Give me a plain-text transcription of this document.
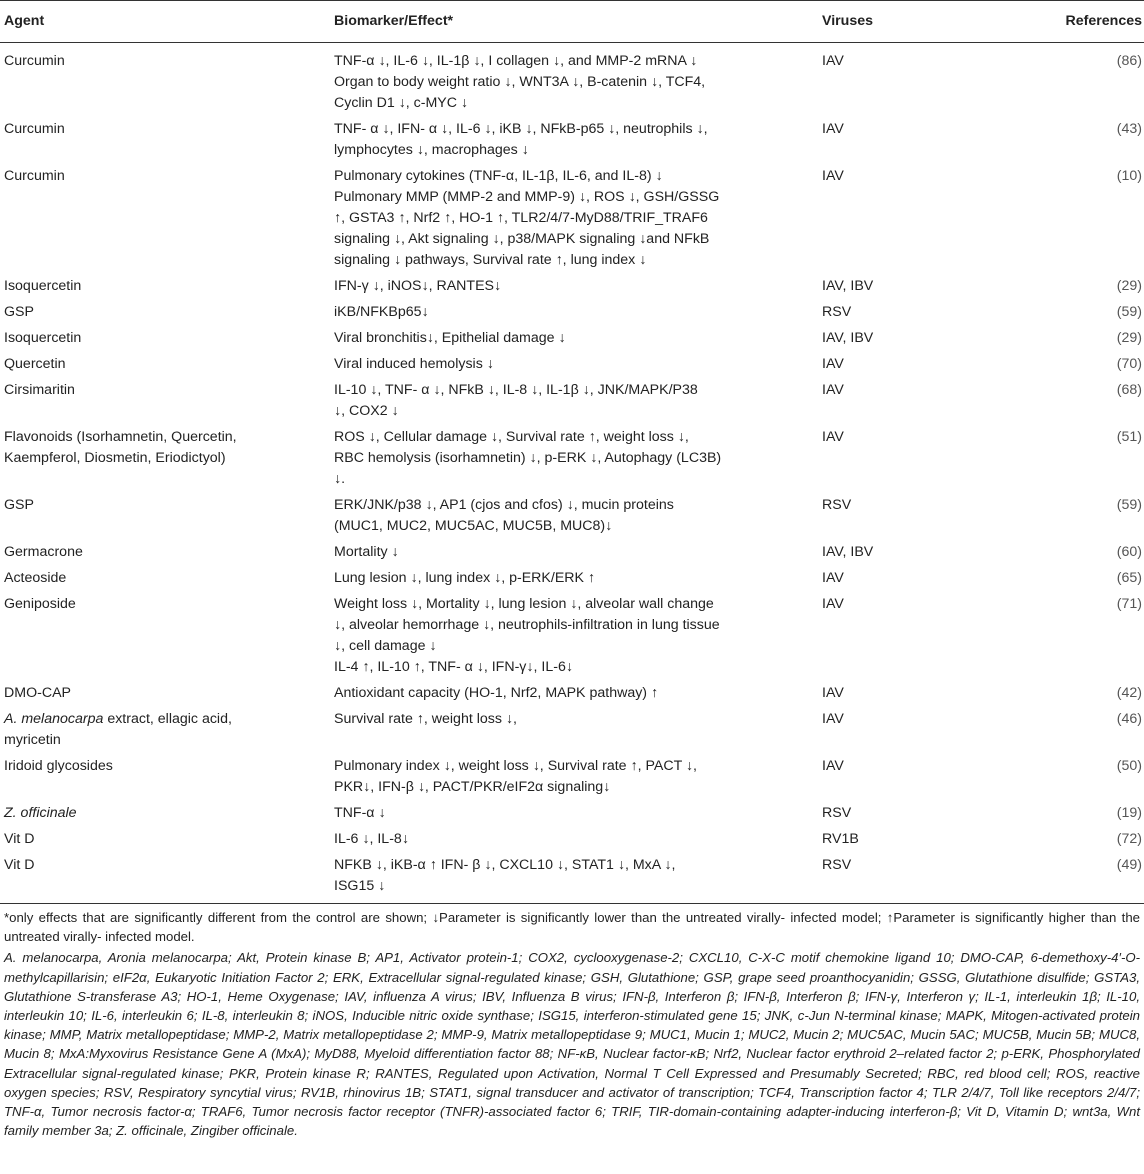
Agent	Biomarker/Effect*	Viruses	References
Curcumin	TNF-α ↓, IL-6 ↓, IL-1β ↓, I collagen ↓, and MMP-2 mRNA ↓
Organ to body weight ratio ↓, WNT3A ↓, B-catenin ↓, TCF4,
Cyclin D1 ↓, c-MYC ↓	IAV	(86)
Curcumin	TNF- α ↓, IFN- α ↓, IL-6 ↓, iKB ↓, NFkB-p65 ↓, neutrophils ↓,
lymphocytes ↓, macrophages ↓	IAV	(43)
Curcumin	Pulmonary cytokines (TNF-α, IL-1β, IL-6, and IL-8) ↓
Pulmonary MMP (MMP-2 and MMP-9) ↓, ROS ↓, GSH/GSSG
↑, GSTA3 ↑, Nrf2 ↑, HO-1 ↑, TLR2/4/7-MyD88/TRIF_TRAF6
signaling ↓, Akt signaling ↓, p38/MAPK signaling ↓and NFkB
signaling ↓ pathways, Survival rate ↑, lung index ↓	IAV	(10)
Isoquercetin	IFN-γ ↓, iNOS↓, RANTES↓	IAV, IBV	(29)
GSP	iKB/NFKBp65↓	RSV	(59)
Isoquercetin	Viral bronchitis↓, Epithelial damage ↓	IAV, IBV	(29)
Quercetin	Viral induced hemolysis ↓	IAV	(70)
Cirsimaritin	IL-10 ↓, TNF- α ↓, NFkB ↓, IL-8 ↓, IL-1β ↓, JNK/MAPK/P38
↓, COX2 ↓	IAV	(68)
Flavonoids (Isorhamnetin, Quercetin,
Kaempferol, Diosmetin, Eriodictyol)	ROS ↓, Cellular damage ↓, Survival rate ↑, weight loss ↓,
RBC hemolysis (isorhamnetin) ↓, p-ERK ↓, Autophagy (LC3B)
↓.	IAV	(51)
GSP	ERK/JNK/p38 ↓, AP1 (cjos and cfos) ↓, mucin proteins
(MUC1, MUC2, MUC5AC, MUC5B, MUC8)↓	RSV	(59)
Germacrone	Mortality ↓	IAV, IBV	(60)
Acteoside	Lung lesion ↓, lung index ↓, p-ERK/ERK ↑	IAV	(65)
Geniposide	Weight loss ↓, Mortality ↓, lung lesion ↓, alveolar wall change
↓, alveolar hemorrhage ↓, neutrophils-infiltration in lung tissue
↓, cell damage ↓
IL-4 ↑, IL-10 ↑, TNF- α ↓, IFN-γ↓, IL-6↓	IAV	(71)
DMO-CAP	Antioxidant capacity (HO-1, Nrf2, MAPK pathway) ↑	IAV	(42)
A. melanocarpa extract, ellagic acid,
myricetin	Survival rate ↑, weight loss ↓,	IAV	(46)
Iridoid glycosides	Pulmonary index ↓, weight loss ↓, Survival rate ↑, PACT ↓,
PKR↓, IFN-β ↓, PACT/PKR/eIF2α signaling↓	IAV	(50)
Z. officinale	TNF-α ↓	RSV	(19)
Vit D	IL-6 ↓, IL-8↓	RV1B	(72)
Vit D	NFKB ↓, iKB-α ↑ IFN- β ↓, CXCL10 ↓, STAT1 ↓, MxA ↓,
ISG15 ↓	RSV	(49)

*only effects that are significantly different from the control are shown; ↓Parameter is significantly lower than the untreated virally- infected model; ↑Parameter is significantly higher than the untreated virally- infected model.

A. melanocarpa, Aronia melanocarpa; Akt, Protein kinase B; AP1, Activator protein-1; COX2, cyclooxygenase-2; CXCL10, C-X-C motif chemokine ligand 10; DMO-CAP, 6-demethoxy-4′-O-methylcapillarisin; eIF2α, Eukaryotic Initiation Factor 2; ERK, Extracellular signal-regulated kinase; GSH, Glutathione; GSP, grape seed proanthocyanidin; GSSG, Glutathione disulfide; GSTA3, Glutathione S-transferase A3; HO-1, Heme Oxygenase; IAV, influenza A virus; IBV, Influenza B virus; IFN-β, Interferon β; IFN-β, Interferon β; IFN-γ, Interferon γ; IL-1, interleukin 1β; IL-10, interleukin 10; IL-6, interleukin 6; IL-8, interleukin 8; iNOS, Inducible nitric oxide synthase; ISG15, interferon-stimulated gene 15; JNK, c-Jun N-terminal kinase; MAPK, Mitogen-activated protein kinase; MMP, Matrix metallopeptidase; MMP-2, Matrix metallopeptidase 2; MMP-9, Matrix metallopeptidase 9; MUC1, Mucin 1; MUC2, Mucin 2; MUC5AC, Mucin 5AC; MUC5B, Mucin 5B; MUC8, Mucin 8; MxA:Myxovirus Resistance Gene A (MxA); MyD88, Myeloid differentiation factor 88; NF-κB, Nuclear factor-κB; Nrf2, Nuclear factor erythroid 2–related factor 2; p-ERK, Phosphorylated Extracellular signal-regulated kinase; PKR, Protein kinase R; RANTES, Regulated upon Activation, Normal T Cell Expressed and Presumably Secreted; RBC, red blood cell; ROS, reactive oxygen species; RSV, Respiratory syncytial virus; RV1B, rhinovirus 1B; STAT1, signal transducer and activator of transcription; TCF4, Transcription factor 4; TLR 2/4/7, Toll like receptors 2/4/7; TNF-α, Tumor necrosis factor-α; TRAF6, Tumor necrosis factor receptor (TNFR)-associated factor 6; TRIF, TIR-domain-containing adapter-inducing interferon-β; Vit D, Vitamin D; wnt3a, Wnt family member 3a; Z. officinale, Zingiber officinale.
